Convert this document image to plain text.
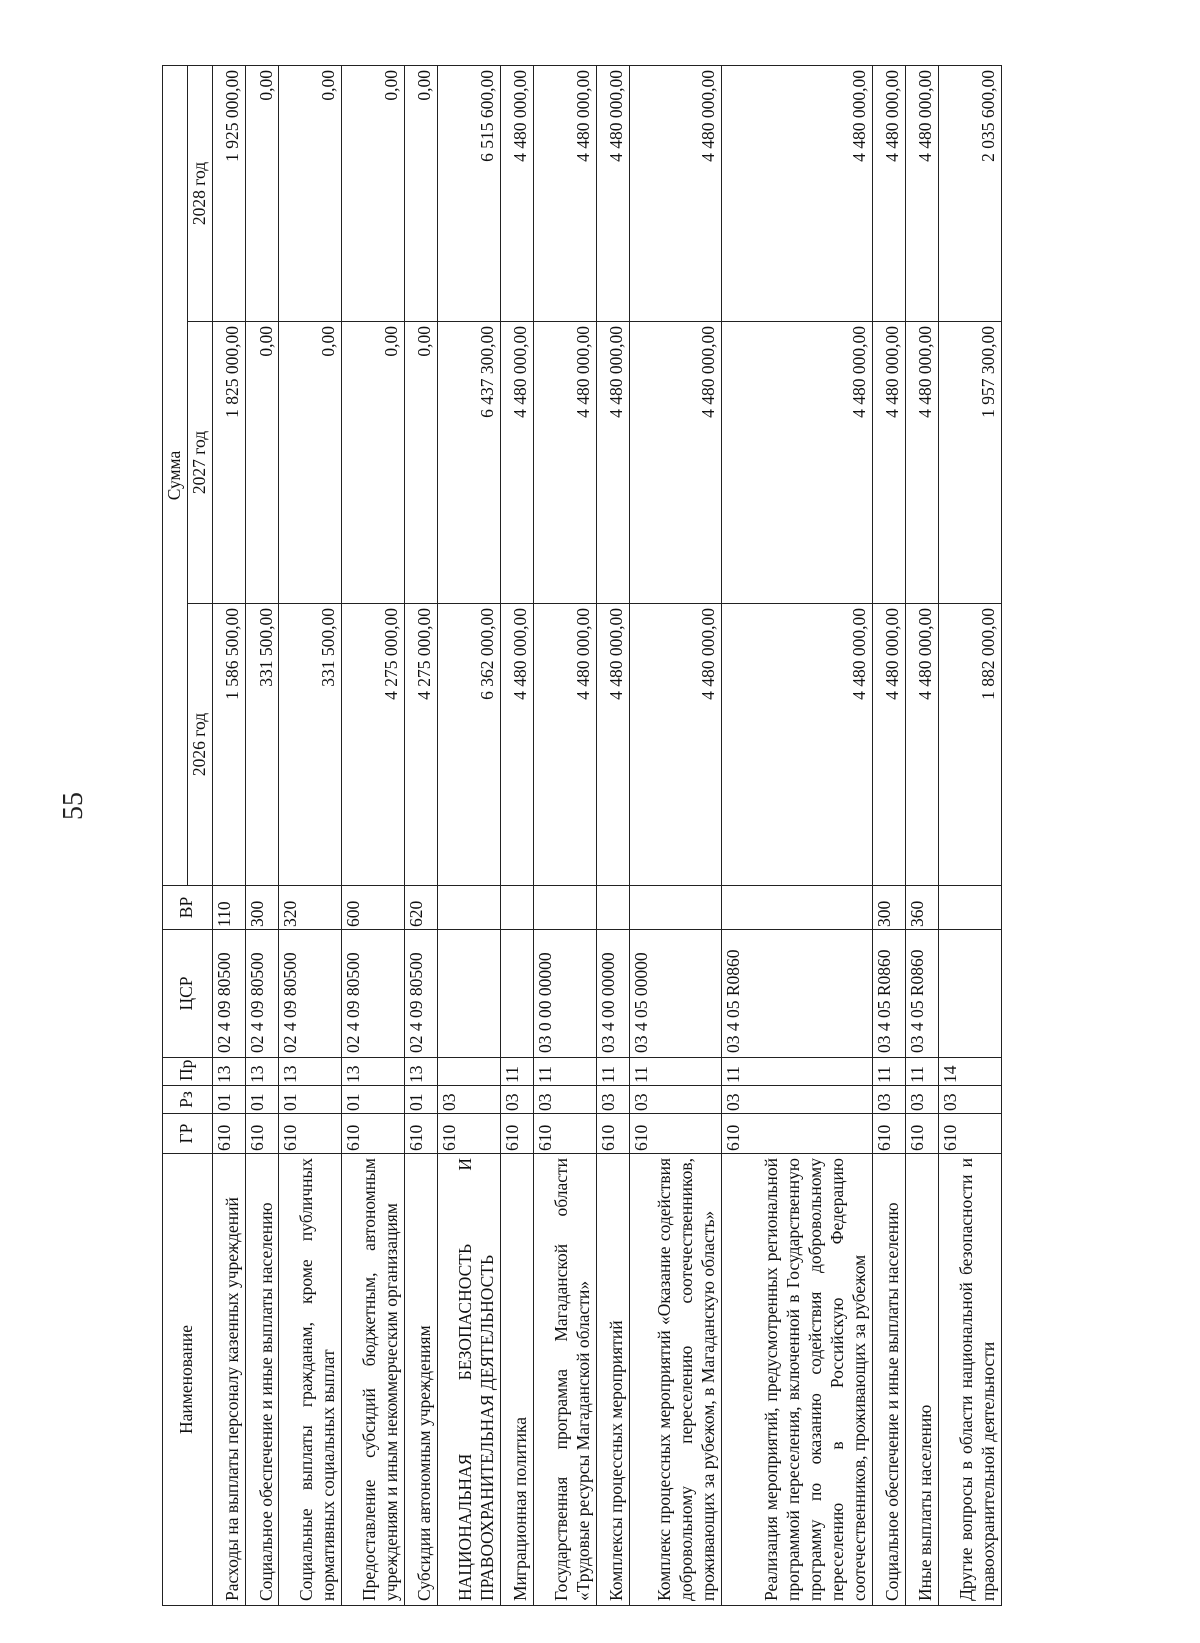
55
Наименование	ГР	Рз	Пр	ЦСР	ВР	Сумма		
						2026 год	2027 год	2028 год
Расходы на выплаты персоналу казенных учреждений	610	01	13	02 4 09 80500	110	1 586 500,00	1 825 000,00	1 925 000,00
Социальное обеспечение и иные выплаты населению	610	01	13	02 4 09 80500	300	331 500,00	0,00	0,00
Социальные выплаты гражданам, кроме публичных нормативных социальных выплат	610	01	13	02 4 09 80500	320	331 500,00	0,00	0,00
Предоставление субсидий бюджетным, автономным учреждениям и иным некоммерческим организациям	610	01	13	02 4 09 80500	600	4 275 000,00	0,00	0,00
Субсидии автономным учреждениям	610	01	13	02 4 09 80500	620	4 275 000,00	0,00	0,00
НАЦИОНАЛЬНАЯ БЕЗОПАСНОСТЬ И ПРАВООХРАНИТЕЛЬНАЯ ДЕЯТЕЛЬНОСТЬ	610	03				6 362 000,00	6 437 300,00	6 515 600,00
Миграционная политика	610	03	11			4 480 000,00	4 480 000,00	4 480 000,00
Государственная программа Магаданской области «Трудовые ресурсы Магаданской области»	610	03	11	03 0 00 00000		4 480 000,00	4 480 000,00	4 480 000,00
Комплексы процессных мероприятий	610	03	11	03 4 00 00000		4 480 000,00	4 480 000,00	4 480 000,00
Комплекс процессных мероприятий «Оказание содействия добровольному переселению соотечественников, проживающих за рубежом, в Магаданскую область»	610	03	11	03 4 05 00000		4 480 000,00	4 480 000,00	4 480 000,00
Реализация мероприятий, предусмотренных региональной программой переселения, включенной в Государственную программу по оказанию содействия добровольному переселению в Российскую Федерацию соотечественников, проживающих за рубежом	610	03	11	03 4 05 R0860		4 480 000,00	4 480 000,00	4 480 000,00
Социальное обеспечение и иные выплаты населению	610	03	11	03 4 05 R0860	300	4 480 000,00	4 480 000,00	4 480 000,00
Иные выплаты населению	610	03	11	03 4 05 R0860	360	4 480 000,00	4 480 000,00	4 480 000,00
Другие вопросы в области национальной безопасности и правоохранительной деятельности	610	03	14			1 882 000,00	1 957 300,00	2 035 600,00
